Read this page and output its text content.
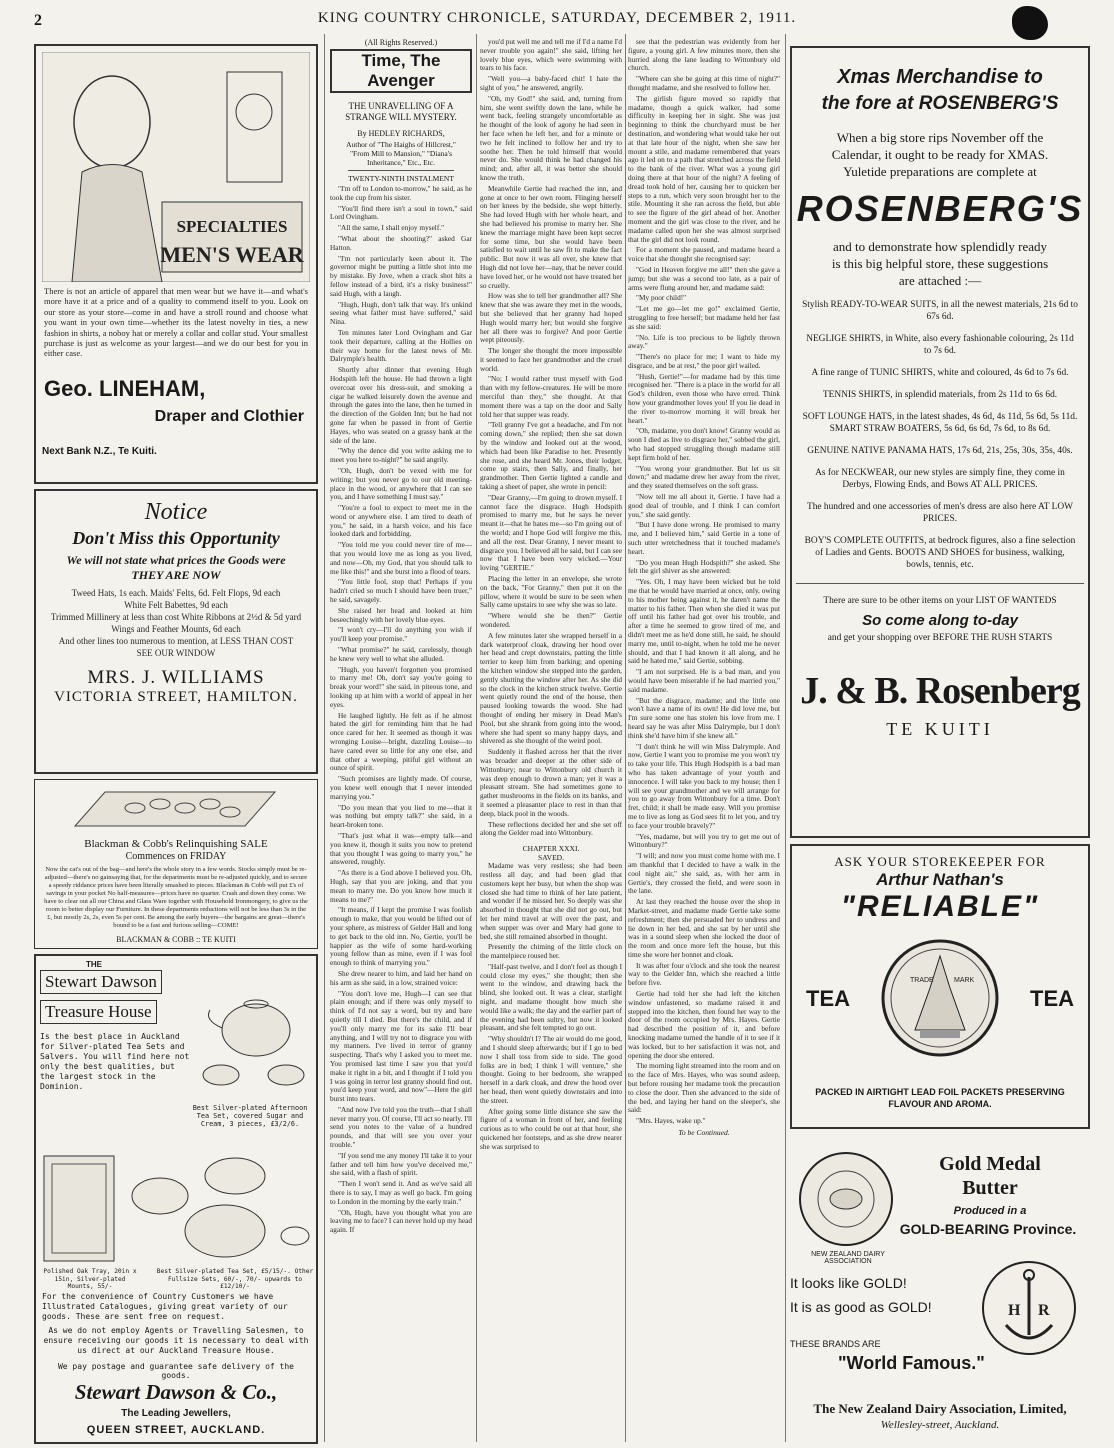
2	KING COUNTRY CHRONICLE, SATURDAY, DECEMBER 2, 1911.
SPECIALTIES
MEN'S WEAR
There is not an article of apparel that men wear but we have it—and what's more have it at a price and of a quality to commend itself to you. Look on our store as your store—come in and have a stroll round and choose what you want in your own time—whether its the latest novelty in ties, a new fashion in shirts, a noboy hat or merely a collar and collar stud. Your smallest purchase is just as welcome as your largest—and we do our best for you in either case.
Geo. LINEHAM,
Draper and Clothier
Next Bank N.Z., Te Kuiti.
Notice
Don't Miss this Opportunity
We will not state what prices the Goods were
THEY ARE NOW
Tweed Hats, 1s each. Maids' Felts, 6d. Felt Flops, 9d each
White Felt Babettes, 9d each
Trimmed Millinery at less than cost White Ribbons at 2½d & 5d yard
Wings and Feather Mounts, 6d each
And other lines too numerous to mention, at LESS THAN COST
SEE OUR WINDOW
MRS. J. WILLIAMS
VICTORIA STREET, HAMILTON.
Blackman & Cobb's Relinquishing SALE
Commences on FRIDAY
Now the cat's out of the bag—and here's the whole story in a few words. Stocks simply must be re-adjusted—there's no gainsaying that, for the departments must be re-adjusted quickly, and to secure a speedy riddance prices have been literally smashed to pieces. Blackman & Cobb will put £'s of savings in your pocket No half-measures—prices have no quarter. Crash and down they come. We have to clear out all our China and Glass Ware together with Household Ironmongery, to give us the room to better display our Furniture. In these departments reductions will not be less than 3s in the £, but mostly 2s, 2s, even 5s per cent. Be among the early buyers—the bargains are great—there's bound to be a fast and furious selling—COME!
BLACKMAN & COBB :: TE KUITI
THE
Stewart Dawson
Treasure House
Is the best place in Auckland for Silver-plated Tea Sets and Salvers. You will find here not only the best qualities, but the largest stock in the Dominion.
Best Silver-plated Afternoon Tea Set, covered Sugar and Cream, 3 pieces, £3/2/6.
Polished Oak Tray, 20in x 15in, Silver-plated Mounts, 55/-
Best Silver-plated Tea Set, £5/15/-. Other Fullsize Sets, 60/-, 70/- upwards to £12/10/-
For the convenience of Country Customers we have Illustrated Catalogues, giving great variety of our goods. These are sent free on request.
As we do not employ Agents or Travelling Salesmen, to ensure receiving our goods it is necessary to deal with us direct at our Auckland Treasure House.
We pay postage and guarantee safe delivery of the goods.
Stewart Dawson & Co.,
The Leading Jewellers,
QUEEN STREET, AUCKLAND.
(All Rights Reserved.)
Time, The Avenger
THE UNRAVELLING OF A STRANGE WILL MYSTERY.
By HEDLEY RICHARDS,
Author of "The Haighs of Hillcrest," "From Mill to Mansion," "Diana's Inheritance," Etc., Etc.
TWENTY-NINTH INSTALMENT

"I'm off to London to-morrow," he said, as he took the cup from his sister.

"You'll find there isn't a soul in town," said Lord Ovingham.

"All the same, I shall enjoy myself."

"What about the shooting?" asked Gar Hatton.

"I'm not particularly keen about it. The governor might be putting a little shot into me by mistake. By Jove, when a crack shot hits a fellow instead of a bird, it's a risky business!" said Hugh, with a laugh.

"Hugh, Hugh, don't talk that way. It's unkind seeing what father must have suffered," said Nina.

Ten minutes later Lord Ovingham and Gar took their departure, calling at the Hollies on their way home for the latest news of Mr. Dalrymple's health.

Shortly after dinner that evening Hugh Hodspith left the house. He had thrown a light overcoat over his dress-suit, and smoking a cigar he walked leisurely down the avenue and through the gates into the lane, then he turned in the direction of the Golden Inn; but he had not gone far when he passed in front of Gertie Hayes, who was seated on a grassy bank at the side of the lane.

"Why the dence did you write asking me to meet you here to-night?" he said angrily.

"Oh, Hugh, don't be vexed with me for writing; but you never go to our old meeting-place in the wood, or anywhere that I can see you, and I have something I must say."

"You're a fool to expect to meet me in the wood or anywhere else. I am tired to death of you," he said, in a harsh voice, and his face looked dark and forbidding.

"You told me you could never tire of me—that you would love me as long as you lived, and now—Oh, my God, that you should talk to me like this!" and she burst into a flood of tears.

"You little fool, stop that! Perhaps if you hadn't cried so much I should have been truer," he said, savagely.

She raised her head and looked at him beseechingly with her lovely blue eyes.

"I won't cry—I'll do anything you wish if you'll keep your promise."

"What promise?" he said, carelessly, though he knew very well to what she alluded.

"Hugh, you haven't forgotten you promised to marry me! Oh, don't say you're going to break your word!" she said, in piteous tone, and looking up at him with a world of appeal in her eyes.

He laughed lightly. He felt as if he almost hated the girl for reminding him that he had once cared for her. It seemed as though it was wronging Louise—bright, dazzling Louise—to have cared ever so little for any one else, and that other a weeping, pitiful girl without an ounce of spirit.

"Such promises are lightly made. Of course, you knew well enough that I never intended marrying you."

"Do you mean that you lied to me—that it was nothing but empty talk?" she said, in a heart-broken tone.

"That's just what it was—empty talk—and you knew it, though it suits you now to pretend that you thought I was going to marry you," he answered, roughly.

"As there is a God above I believed you. Oh, Hugh, say that you are joking, and that you mean to marry me. Do you know how much it means to me?"

"It means, if I kept the promise I was foolish enough to make, that you would be lifted out of your sphere, as mistress of Gelder Hall and long to get back to the old inn. No, Gertie, you'll be happier as the wife of some hard-working young fellow than as mine, even if I was fool enough to think of marrying you."

She drew nearer to him, and laid her hand on his arm as she said, in a low, strained voice:

"You don't love me, Hugh—I can see that plain enough; and if there was only myself to think of I'd not say a word, but try and bare quietly till I died. But there's the child, and if you'll only marry me for its sake I'll bear anything, and I will try not to disgrace you with my manners. I've lived in terror of granny suspecting. That's why I asked you to meet me. You promised last time I saw you that you'd make it right in a bit, and I thought if I told you I was going in terror lest granny should find out, you'd keep your word, and now"—Here the girl burst into tears.

"And now I've told you the truth—that I shall never marry you. Of course, I'll act so nearly. I'll send you notes to the value of a hundred pounds, and that will see you over your trouble."

"If you send me any money I'll take it to your father and tell him how you've deceived me," she said, with a flash of spirit.

"Then I won't send it. And as we've said all there is to say, I may as well go back. I'm going to London in the morning by the early train."

"Oh, Hugh, have you thought what you are leaving me to face? I can never hold up my head again. If

you'd put well me and tell me if I'd a name I'd never trouble you again!" she said, lifting her lovely blue eyes, which were swimming with tears to his face.

"Well you—a baby-faced chit! I hate the sight of you," he answered, angrily.

"Oh, my God!" she said, and, turning from him, she went swiftly down the lane, while he went back, feeling strangely uncomfortable as he thought of the look of agony he had seen in her face when he left her, and for a minute or two he felt inclined to follow her and try to soothe her. Then he told himself that would never do. She would think he had changed his mind; and, after all, it was better she should know the truth.

Meanwhile Gertie had reached the inn, and gone at once to her own room. Flinging herself on her knees by the bedside, she wept bitterly. She had loved Hugh with her whole heart, and she had believed his promise to marry her. She knew the marriage might have been kept secret for some time, but she would have been satisfied to wait until he saw fit to make the fact public. But now it was all over, she knew that Hugh did not love her—nay, that he never could have loved her, or he would not have treated her so cruelly.

How was she to tell her grandmother all? She knew that she was aware they met in the woods, but she believed that her granny had hoped Hugh would marry her; but would she forgive her all there was to forgive? And poor Gertie wept piteously.

The longer she thought the more impossible it seemed to face her grandmother and the cruel world.

"No; I would rather trust myself with God than with my fellow-creatures. He will be more merciful than they," she thought. At that moment there was a tap on the door and Sally told her that supper was ready.

"Tell granny I've got a headache, and I'm not coming down," she replied; then she sat down by the window and looked out at the wood, which had been like Paradise to her. Presently she rose, and she heard Mr. Jones, their lodger, come up stairs, then Sally, and finally, her grandmother. Then Gertie lighted a candle and taking a sheet of paper, she wrote in pencil:

"Dear Granny,—I'm going to drown myself. I cannot face the disgrace. Hugh Hodspith promised to marry me, but he says he never meant it—that he hates me—so I'm going out of the world; and I hope God will forgive me this, and all the rest. Dear Granny, I never meant to disgrace you. I believed all he said, but I can see now that I have been very wicked.—Your loving "GERTIE."

Placing the letter in an envelope, she wrote on the back, "For Granny," then put it on the pillow, where it would be sure to be seen when Sally came upstairs to see why she was so late.

"Where would she be then?" Gertie wondered.

A few minutes later she wrapped herself in a dark waterproof cloak, drawing her hood over her head and crept downstairs, patting the little terrier to keep him from barking; and opening the kitchen window she stepped into the garden, gently shutting the window after her. As she did so the clock in the kitchen struck twelve. Gertie went quietly round the end of the house, then paused looking towards the wood. She had thought of ending her misery in Dead Man's Pool, but she shrank from going into the wood, where she had spent so many happy days, and shivered as she thought of the weird pool.

Suddenly it flashed across her that the river was broader and deeper at the other side of Wittonbury; near to Wittonbury old church it was deep enough to drown a man; yet it was a pleasant stream. She had sometimes gone to gather mushrooms in the fields on its banks, and it seemed a pleasanter place to rest in than that deep, black pool in the woods.

These reflections decided her and she set off along the Gelder road into Wittonbury.

CHAPTER XXXI.
SAVED.

Madame was very restless; she had been restless all day, and had been glad that customers kept her busy, but when the shop was closed she had time to think of her late patient, and wonder if he missed her. So deeply was she absorbed in thought that she did not go out, but let her mind travel at will over the past, and when supper was over and Mary had gone to bed, she still remained absorbed in thought.

Presently the chiming of the little clock on the mantelpiece roused her.

"Half-past twelve, and I don't feel as though I could close my eyes," she thought; then she went to the window, and drawing back the blind, she looked out. It was a clear, starlight night, and madame thought how much she would like a walk; the day and the earlier part of the evening had been sultry, but now it looked pleasant, and she felt tempted to go out.

"Why shouldn't I? The air would do me good, and I should sleep afterwards; but if I go to bed now I shall toss from side to side. The good folks are in bed; I think I will venture," she thought. Going to her bedroom, she wrapped herself in a dark cloak, and drew the hood over her head, then went quietly downstairs and into the street.

After going some little distance she saw the figure of a woman in front of her, and feeling curious as to who could be out at that hour, she quickened her footsteps, and as she drew nearer she was surprised to

see that the pedestrian was evidently from her figure, a young girl. A few minutes more, then she hurried along the lane leading to Wittonbury old church.

"Where can she be going at this time of night?" thought madame, and she resolved to follow her.

The girlish figure moved so rapidly that madame, though a quick walker, had some difficulty in keeping her in sight. She was just beginning to think the churchyard must be her destination, and wondering what would take her out at that late hour of the night, when she saw her mount a stile, and madame remembered that years ago it led on to a path that stretched across the field to the bank of the river. What was a young girl doing there at that hour of the night? A feeling of dread took hold of her, causing her to quicken her steps to a run, which very soon brought her to the stile. Mounting it she ran across the field, but able to see the figure of the girl ahead of her. Another moment and the girl was close to the river, and he madame called upon her she was almost surprised that the girl did not look round.

For a moment she paused, and madame heard a voice that she thought she recognised say:

"God in Heaven forgive me all!" then she gave a jump; but she was a second too late, as a pair of arms were flung around her, and madame said:

"My poor child!"

"Let me go—let me go!" exclaimed Gertie, struggling to free herself; but madame held her fast as she said:

"No. Life is too precious to be lightly thrown away."

"There's no place for me; I want to hide my disgrace, and be at rest," the poor girl wailed.

"Hush, Gertie!"—for madame had by this time recognised her. "There is a place in the world for all God's children, even those who have erred. Think how your grandmother loves you! If you lie dead in the river to-morrow morning it will break her heart."

"Oh, madame, you don't know! Granny would as soon I died as live to disgrace her," sobbed the girl, who had stopped struggling though madame still kept firm hold of her.

"You wrong your grandmother. But let us sit down;" and madame drew her away from the river, and they seated themselves on the soft grass.

"Now tell me all about it, Gertie. I have had a good deal of trouble, and I think I can comfort you," she said gently.

"But I have done wrong. He promised to marry me, and I believed him," said Gertie in a tone of such utter wretchedness that it touched madame's heart.

"Do you mean Hugh Hodspith?" she asked. She felt the girl shiver as she answered:

"Yes. Oh, I may have been wicked but he told me that he would have married at once, only, owing to his mother being against it, he daren't name the matter to his father. Then when she died it was put off until his father had got over his trouble, and after a time he seemed to grow tired of me, and didn't meet me as he'd done still, he said, he should marry me, until to-night, when he told me he never should, and that I had known it all along, and he said he hated me," said Gertie, sobbing.

"I am not surprised. He is a bad man, and you would have been miserable if he had married you," said madame.

"But the disgrace, madame; and the little one won't have a name of its own! He did love me, but I'm sure some one has stolen his love from me. I heard say he was after Miss Dalrymple, but I don't think she'd have him if she knew all."

"I don't think he will win Miss Dalrymple. And now, Gertie I want you to promise me you won't try to take your life. This Hugh Hodspith is a bad man who has taken advantage of your youth and innocence. I will take you back to my house; then I will see your grandmother and we will arrange for you to go away from Wittonbury for a time. Don't fret, child; it shall be made easy. Will you promise me to live as long as God sees fit to let you, and try to face your trouble bravely?"

"Yes, madame, but will you try to get me out of Wittonbury?"

"I will; and now you must come home with me. I am thankful that I decided to have a walk in the cool night air," she said, as, with her arm in Gertie's, they crossed the field, and were soon in the lane.

At last they reached the house over the shop in Market-street, and madame made Gertie take some refreshment; then she persuaded her to undress and lie down in her bed, and she sat by her until she was in a sound sleep when she locked the door of the room and once more left the house, but this time she wore her bonnet and cloak.

It was after four o'clock and she took the nearest way to the Gelder Inn, which she reached a little before five.

Gertie had told her she had left the kitchen window unfastened, so madame raised it and stepped into the kitchen, then found her way to the door of the room occupied by Mrs. Hayes. Gertie had described the position of it, and before knocking madame turned the handle of it to see if it was locked, but to her satisfaction it was not, and opening the door she entered.

The morning light streamed into the room and on to the face of Mrs. Hayes, who was sound asleep, but before rousing her madame took the precaution to close the door. Then she advanced to the side of the bed, and laying her hand on the sleeper's, she said:

"Mrs. Hayes, wake up."

To be Continued.
Xmas Merchandise to
the fore at ROSENBERG'S
When a big store rips November off the Calendar, it ought to be ready for XMAS. Yuletide preparations are complete at
ROSENBERG'S
and to demonstrate how splendidly ready is this big helpful store, these suggestions are attached :—
Stylish READY-TO-WEAR SUITS, in all the newest materials, 21s 6d to 67s 6d.
NEGLIGE SHIRTS, in White, also every fashionable colouring, 2s 11d to 7s 6d.
A fine range of TUNIC SHIRTS, white and coloured, 4s 6d to 7s 6d.
TENNIS SHIRTS, in splendid materials, from 2s 11d to 6s 6d.
SOFT LOUNGE HATS, in the latest shades, 4s 6d, 4s 11d, 5s 6d, 5s 11d. SMART STRAW BOATERS, 5s 6d, 6s 6d, 7s 6d, to 8s 6d.
GENUINE NATIVE PANAMA HATS, 17s 6d, 21s, 25s, 30s, 35s, 40s.
As for NECKWEAR, our new styles are simply fine, they come in Derbys, Flowing Ends, and Bows AT ALL PRICES.
The hundred and one accessories of men's dress are also here AT LOW PRICES.
BOY'S COMPLETE OUTFITS, at bedrock figures, also a fine selection of Ladies and Gents. BOOTS AND SHOES for business, walking, bowls, tennis, etc.
There are sure to be other items on your LIST OF WANTEDS
So come along to-day
and get your shopping over BEFORE THE RUSH STARTS
J. & B. Rosenberg
TE KUITI
ASK YOUR STOREKEEPER FOR
Arthur Nathan's
"RELIABLE"
TRADE	MARK
TEA	TEA
PACKED IN AIRTIGHT LEAD FOIL PACKETS PRESERVING FLAVOUR AND AROMA.
NEW ZEALAND DAIRY ASSOCIATION
Gold Medal
Butter
Produced in a
GOLD-BEARING Province.
It looks like GOLD!
It is as good as GOLD!	H R
THESE BRANDS ARE
"World Famous."
The New Zealand Dairy Association, Limited,
Wellesley-street, Auckland.
